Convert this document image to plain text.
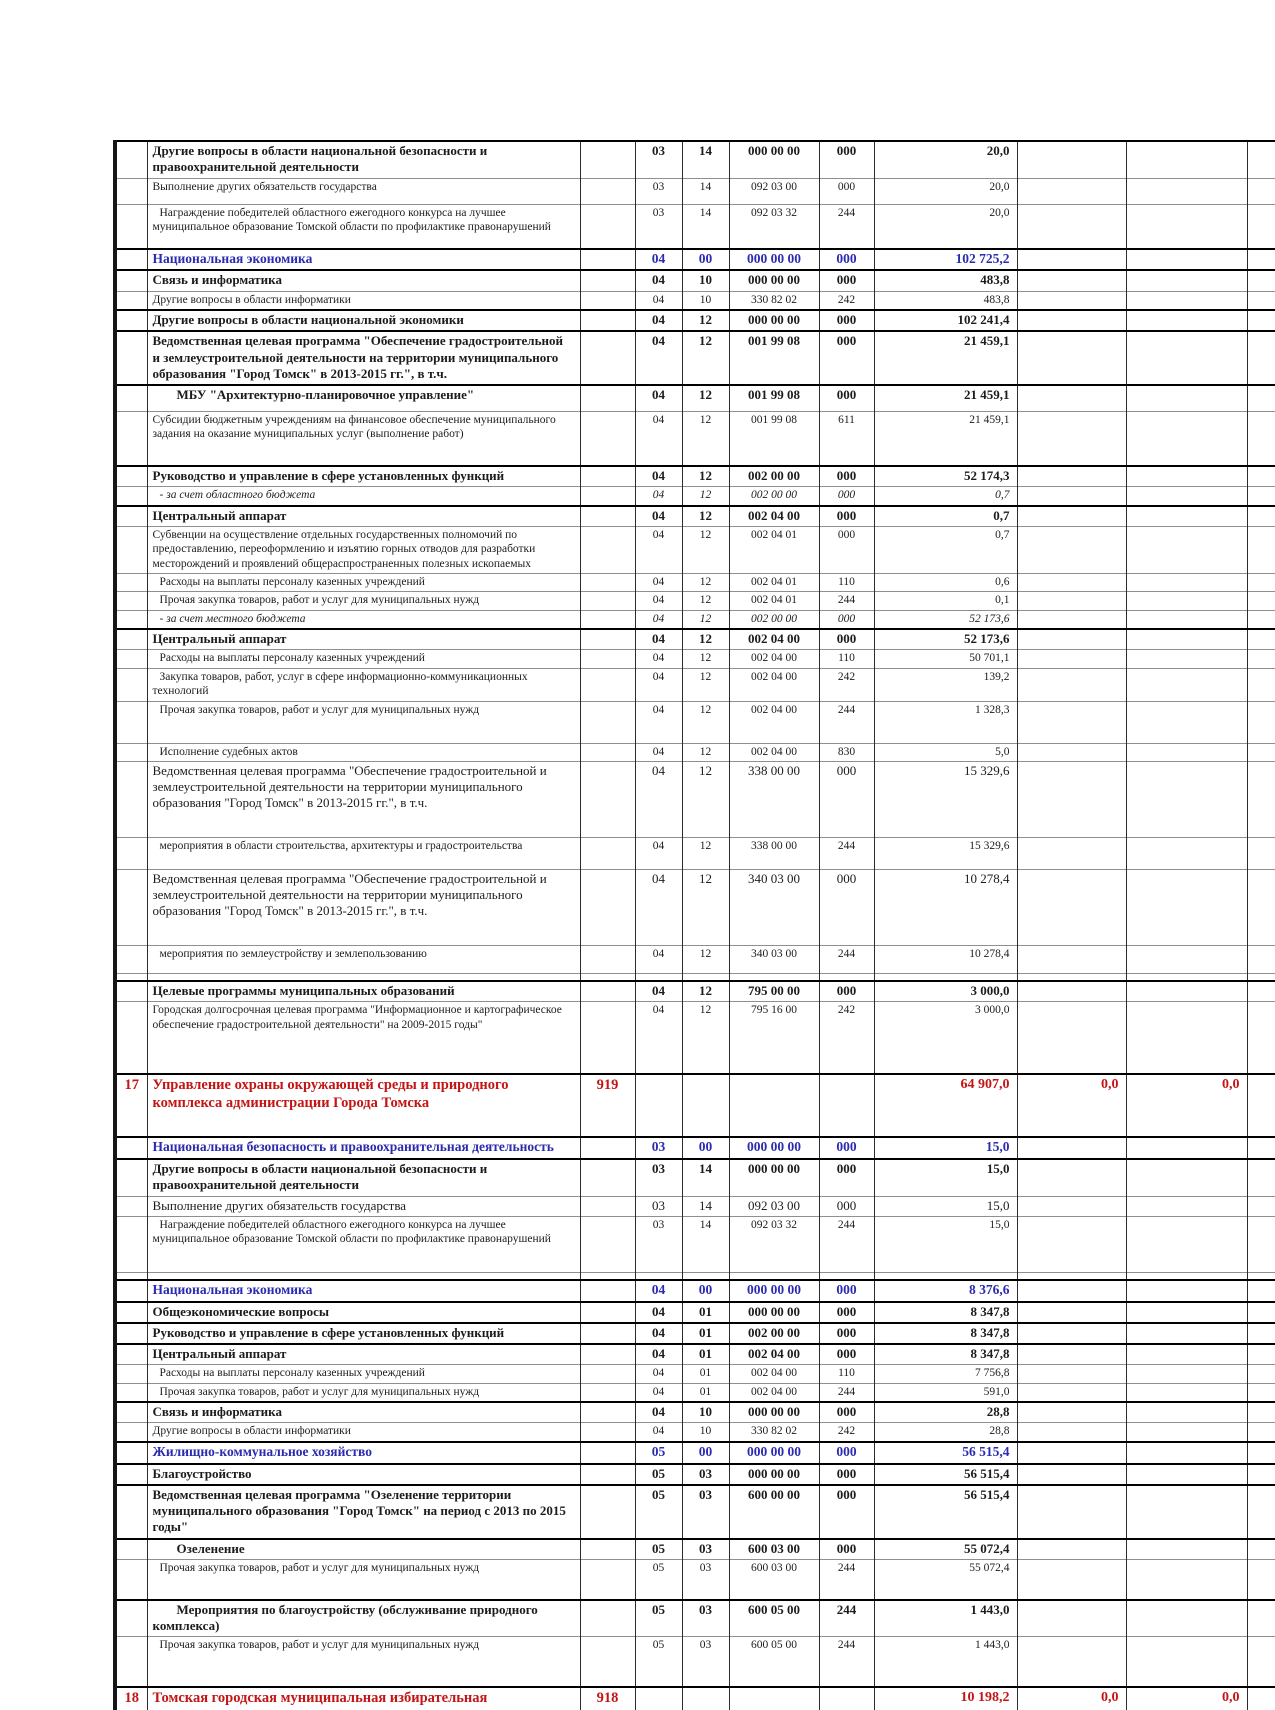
	Другие вопросы в области национальной безопасности и правоохранительной деятельности		03	14	000 00 00	000	20,0			
	Выполнение других обязательств государства		03	14	092 03 00	000	20,0			
	Награждение победителей областного ежегодного конкурса на лучшее муниципальное образование Томской области по профилактике правонарушений		03	14	092 03 32	244	20,0			
	Национальная экономика		04	00	000 00 00	000	102 725,2			
	Связь и информатика		04	10	000 00 00	000	483,8			
	Другие вопросы в области информатики		04	10	330 82 02	242	483,8			
	Другие вопросы в области национальной экономики		04	12	000 00 00	000	102 241,4			
	Ведомственная целевая программа "Обеспечение градостроительной и землеустроительной деятельности на территории муниципального образования "Город Томск" в 2013-2015 гг.", в т.ч.		04	12	001 99 08	000	21 459,1			
	МБУ "Архитектурно-планировочное управление"		04	12	001 99 08	000	21 459,1			
	Субсидии бюджетным учреждениям на финансовое обеспечение муниципального задания на оказание муниципальных услуг (выполнение работ)		04	12	001 99 08	611	21 459,1			
	Руководство и управление в сфере установленных функций		04	12	002 00 00	000	52 174,3			
	- за счет областного бюджета		04	12	002 00 00	000	0,7			
	Центральный аппарат		04	12	002 04 00	000	0,7			
	Субвенции на осуществление отдельных государственных полномочий по предоставлению, переоформлению и изъятию горных отводов для разработки месторождений и проявлений общераспространенных полезных ископаемых		04	12	002 04 01	000	0,7			
	Расходы на выплаты персоналу казенных учреждений		04	12	002 04 01	110	0,6			
	Прочая закупка товаров, работ и услуг для муниципальных нужд		04	12	002 04 01	244	0,1			
	- за счет местного бюджета		04	12	002 00 00	000	52 173,6			
	Центральный аппарат		04	12	002 04 00	000	52 173,6			
	Расходы на выплаты персоналу казенных учреждений		04	12	002 04 00	110	50 701,1			
	Закупка товаров, работ, услуг в сфере информационно-коммуникационных технологий		04	12	002 04 00	242	139,2			
	Прочая закупка товаров, работ и услуг для муниципальных нужд		04	12	002 04 00	244	1 328,3			
	Исполнение судебных актов		04	12	002 04 00	830	5,0			
	Ведомственная целевая программа "Обеспечение градостроительной и землеустроительной деятельности на территории муниципального образования "Город Томск" в 2013-2015 гг.", в т.ч.		04	12	338 00 00	000	15 329,6			
	мероприятия в области строительства, архитектуры и градостроительства		04	12	338 00 00	244	15 329,6			
	Ведомственная целевая программа "Обеспечение градостроительной и землеустроительной деятельности на территории муниципального образования "Город Томск" в 2013-2015 гг.", в т.ч.		04	12	340 03 00	000	10 278,4			
	мероприятия по землеустройству и землепользованию		04	12	340 03 00	244	10 278,4			

	Целевые программы муниципальных образований		04	12	795 00 00	000	3 000,0			
	Городская долгосрочная целевая программа "Информационное и картографическое обеспечение градостроительной деятельности" на 2009-2015 годы"		04	12	795 16 00	242	3 000,0			
17	Управление охраны окружающей среды и природного комплекса администрации Города Томска	919					64 907,0	0,0	0,0	
	Национальная безопасность и правоохранительная деятельность		03	00	000 00 00	000	15,0			
	Другие вопросы в области национальной безопасности и правоохранительной деятельности		03	14	000 00 00	000	15,0			
	Выполнение других обязательств государства		03	14	092 03 00	000	15,0			
	Награждение победителей областного ежегодного конкурса на лучшее муниципальное образование Томской области по профилактике правонарушений		03	14	092 03 32	244	15,0			

	Национальная экономика		04	00	000 00 00	000	8 376,6			
	Общеэкономические вопросы		04	01	000 00 00	000	8 347,8			
	Руководство и управление в сфере установленных функций		04	01	002 00 00	000	8 347,8			
	Центральный аппарат		04	01	002 04 00	000	8 347,8			
	Расходы на выплаты персоналу казенных учреждений		04	01	002 04 00	110	7 756,8			
	Прочая закупка товаров, работ и услуг для муниципальных нужд		04	01	002 04 00	244	591,0			
	Связь и информатика		04	10	000 00 00	000	28,8			
	Другие вопросы в области информатики		04	10	330 82 02	242	28,8			
	Жилищно-коммунальное хозяйство		05	00	000 00 00	000	56 515,4			
	Благоустройство		05	03	000 00 00	000	56 515,4			
	Ведомственная целевая программа "Озеленение территории муниципального образования "Город Томск" на период с 2013 по 2015 годы"		05	03	600 00 00	000	56 515,4			
	Озеленение		05	03	600 03 00	000	55 072,4			
	Прочая закупка товаров, работ и услуг для муниципальных нужд		05	03	600 03 00	244	55 072,4			
	Мероприятия по благоустройству (обслуживание природного комплекса)		05	03	600 05 00	244	1 443,0			
	Прочая закупка товаров, работ и услуг для муниципальных нужд		05	03	600 05 00	244	1 443,0			
18	Томская городская муниципальная избирательная	918					10 198,2	0,0	0,0	
